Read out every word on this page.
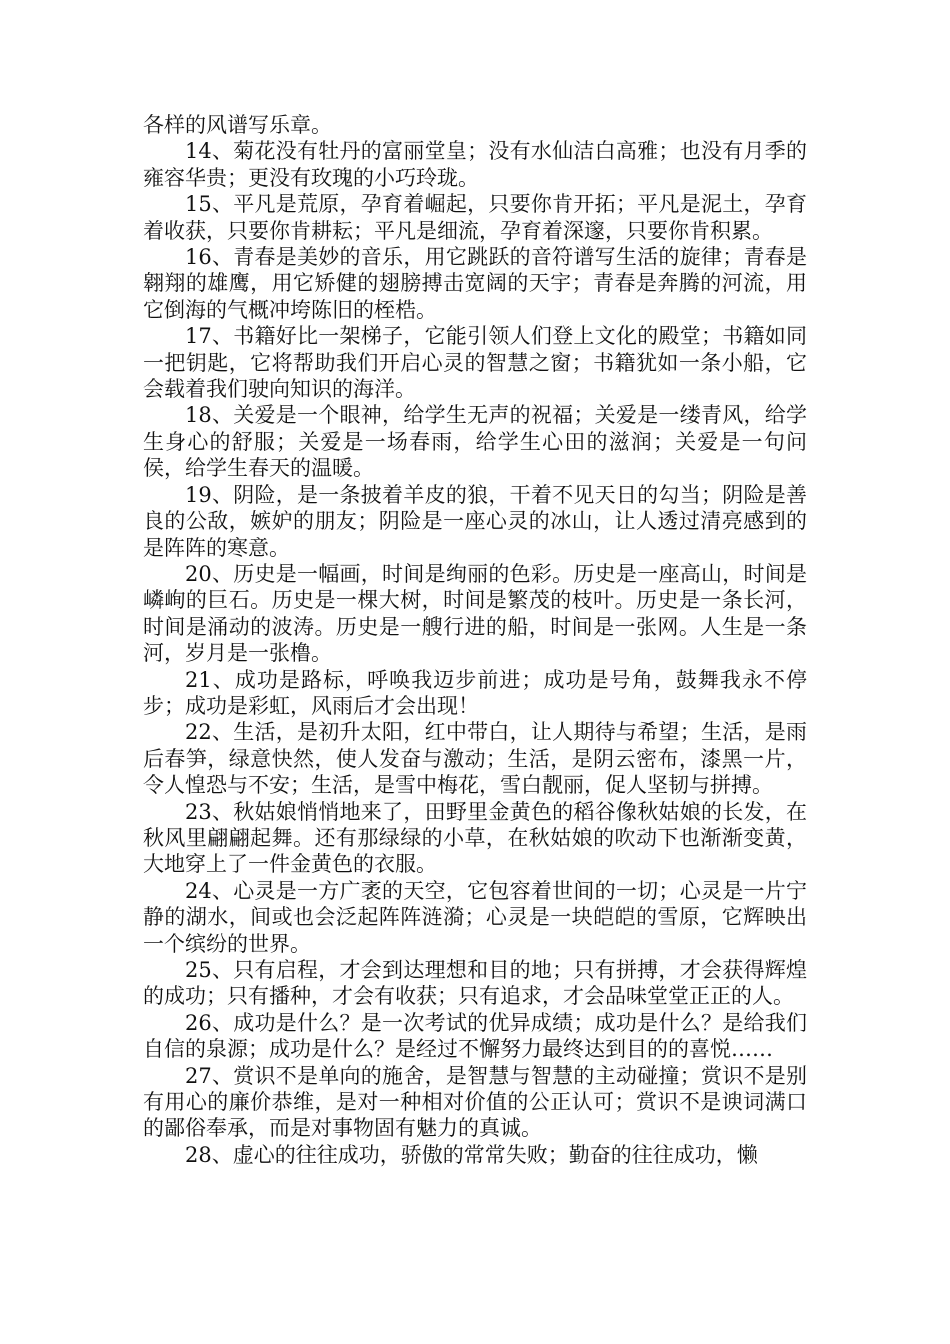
各样的风谱写乐章。

14、菊花没有牡丹的富丽堂皇；没有水仙洁白高雅；也没有月季的雍容华贵；更没有玫瑰的小巧玲珑。

15、平凡是荒原，孕育着崛起，只要你肯开拓；平凡是泥土，孕育着收获，只要你肯耕耘；平凡是细流，孕育着深邃，只要你肯积累。

16、青春是美妙的音乐，用它跳跃的音符谱写生活的旋律；青春是翱翔的雄鹰，用它矫健的翅膀搏击宽阔的天宇；青春是奔腾的河流，用它倒海的气概冲垮陈旧的桎梏。

17、书籍好比一架梯子，它能引领人们登上文化的殿堂；书籍如同一把钥匙，它将帮助我们开启心灵的智慧之窗；书籍犹如一条小船，它会载着我们驶向知识的海洋。

18、关爱是一个眼神，给学生无声的祝福；关爱是一缕青风，给学生身心的舒服；关爱是一场春雨，给学生心田的滋润；关爱是一句问侯，给学生春天的温暖。

19、阴险，是一条披着羊皮的狼，干着不见天日的勾当；阴险是善良的公敌，嫉妒的朋友；阴险是一座心灵的冰山，让人透过清亮感到的是阵阵的寒意。

20、历史是一幅画，时间是绚丽的色彩。历史是一座高山，时间是嶙峋的巨石。历史是一棵大树，时间是繁茂的枝叶。历史是一条长河，时间是涌动的波涛。历史是一艘行进的船，时间是一张网。人生是一条河，岁月是一张橹。

21、成功是路标，呼唤我迈步前进；成功是号角，鼓舞我永不停步；成功是彩虹，风雨后才会出现！

22、生活，是初升太阳，红中带白，让人期待与希望；生活，是雨后春笋，绿意快然，使人发奋与激动；生活，是阴云密布，漆黑一片，令人惶恐与不安；生活，是雪中梅花，雪白靓丽，促人坚韧与拼搏。

23、秋姑娘悄悄地来了，田野里金黄色的稻谷像秋姑娘的长发，在秋风里翩翩起舞。还有那绿绿的小草，在秋姑娘的吹动下也渐渐变黄，大地穿上了一件金黄色的衣服。

24、心灵是一方广袤的天空，它包容着世间的一切；心灵是一片宁静的湖水，间或也会泛起阵阵涟漪；心灵是一块皑皑的雪原，它辉映出一个缤纷的世界。

25、只有启程，才会到达理想和目的地；只有拼搏，才会获得辉煌的成功；只有播种，才会有收获；只有追求，才会品味堂堂正正的人。

26、成功是什么？是一次考试的优异成绩；成功是什么？是给我们自信的泉源；成功是什么？是经过不懈努力最终达到目的的喜悦……

27、赏识不是单向的施舍，是智慧与智慧的主动碰撞；赏识不是别有用心的廉价恭维，是对一种相对价值的公正认可；赏识不是谀词满口的鄙俗奉承，而是对事物固有魅力的真诚。

28、虚心的往往成功，骄傲的常常失败；勤奋的往往成功，懒
